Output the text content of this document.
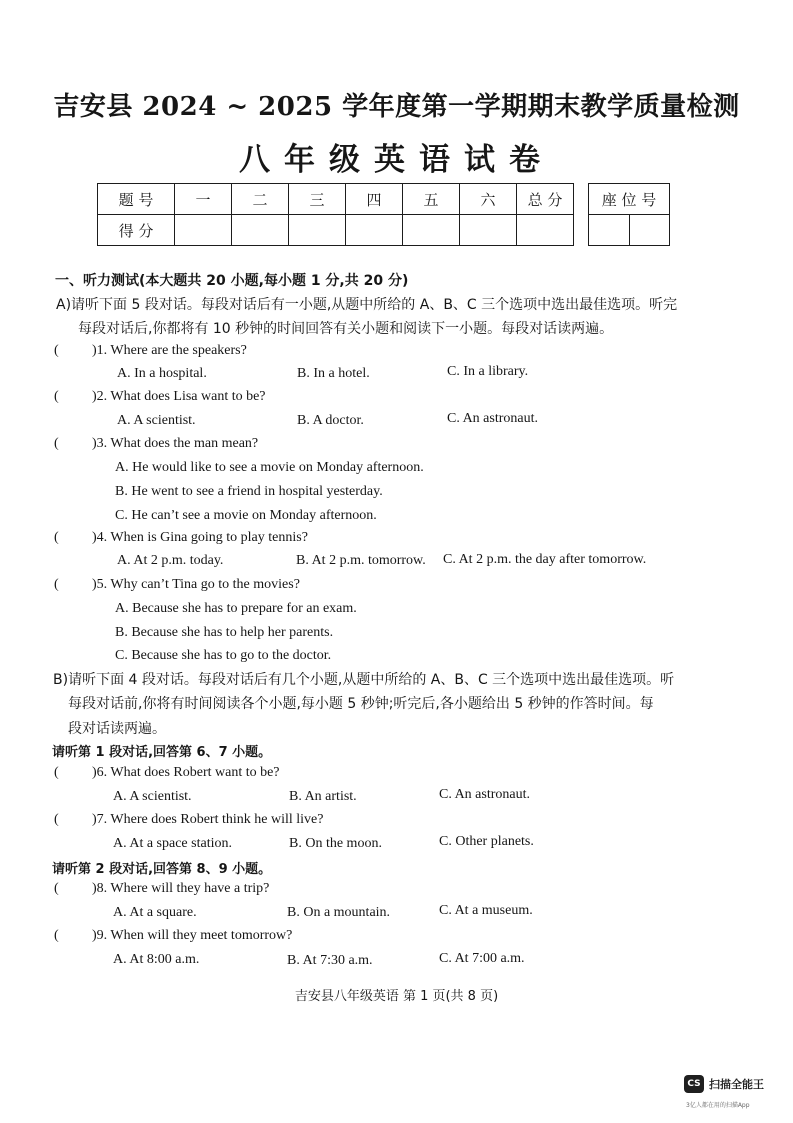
吉安县 2024 ~ 2025 学年度第一学期期末教学质量检测
八年级英语试卷
题 号	一	二	三	四	五	六	总 分
得 分							
座 位 号

一、听力测试(本大题共 20 小题,每小题 1 分,共 20 分)
A)请听下面 5 段对话。每段对话后有一小题,从题中所给的 A、B、C 三个选项中选出最佳选项。听完
每段对话后,你都将有 10 秒钟的时间回答有关小题和阅读下一小题。每段对话读两遍。
( )1. Where are the speakers?
A. In a hospital.	B. In a hotel.	C. In a library.
( )2. What does Lisa want to be?
A. A scientist.	B. A doctor.	C. An astronaut.
( )3. What does the man mean?
A. He would like to see a movie on Monday afternoon.
B. He went to see a friend in hospital yesterday.
C. He can’t see a movie on Monday afternoon.
( )4. When is Gina going to play tennis?
A. At 2 p.m. today.	B. At 2 p.m. tomorrow. C. At 2 p.m. the day after tomorrow.
( )5. Why can’t Tina go to the movies?
A. Because she has to prepare for an exam.
B. Because she has to help her parents.
C. Because she has to go to the doctor.
B)请听下面 4 段对话。每段对话后有几个小题,从题中所给的 A、B、C 三个选项中选出最佳选项。听
每段对话前,你将有时间阅读各个小题,每小题 5 秒钟;听完后,各小题给出 5 秒钟的作答时间。每
段对话读两遍。
请听第 1 段对话,回答第 6、7 小题。
( )6. What does Robert want to be?
A. A scientist.	B. An artist.	C. An astronaut.
( )7. Where does Robert think he will live?
A. At a space station.	B. On the moon.	C. Other planets.
请听第 2 段对话,回答第 8、9 小题。
( )8. Where will they have a trip?
A. At a square.	B. On a mountain.	C. At a museum.
( )9. When will they meet tomorrow?
A. At 8:00 a.m.	B. At 7:30 a.m.	C. At 7:00 a.m.
吉安县八年级英语 第 1 页(共 8 页)
CS 扫描全能王
3亿人都在用的扫描App
